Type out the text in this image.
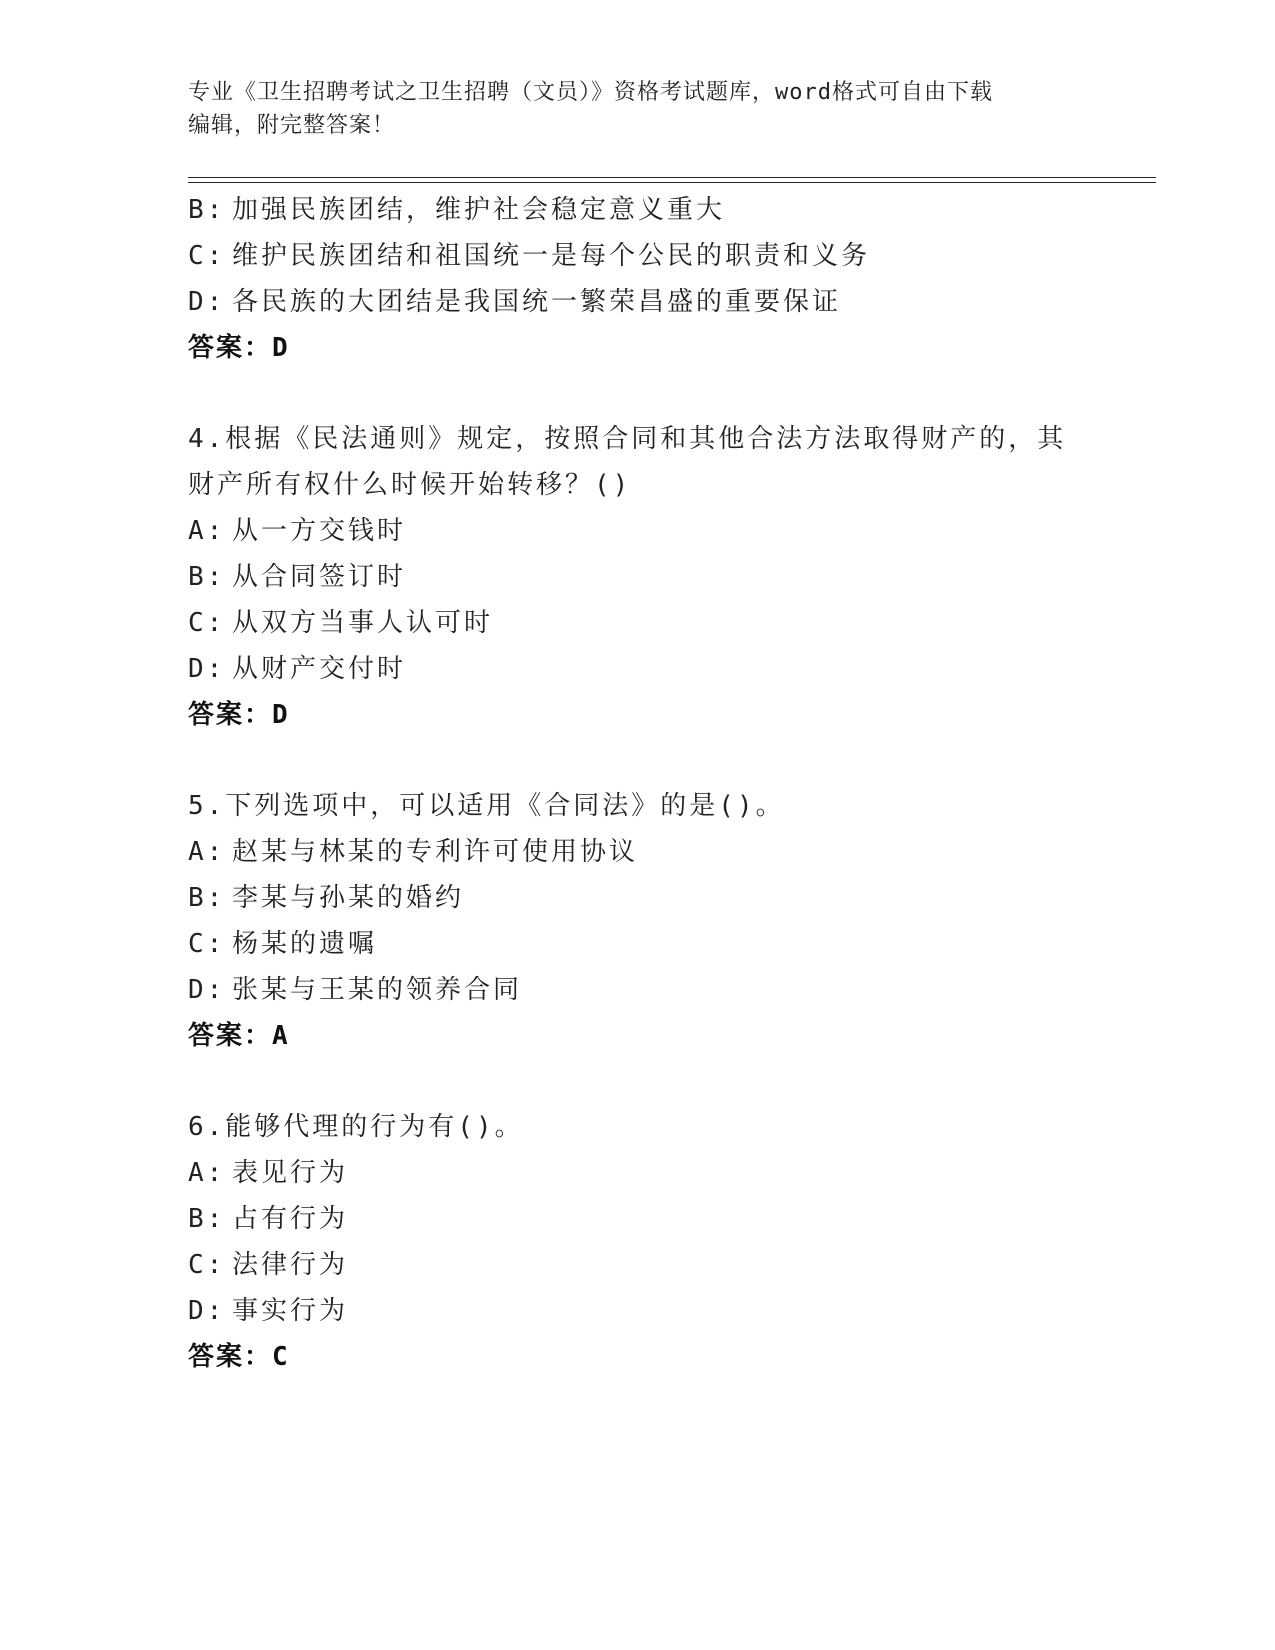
专业《卫生招聘考试之卫生招聘（文员）》资格考试题库，word格式可自由下载
编辑，附完整答案！
B: 加强民族团结，维护社会稳定意义重大
C: 维护民族团结和祖国统一是每个公民的职责和义务
D: 各民族的大团结是我国统一繁荣昌盛的重要保证
答案：D
4.根据《民法通则》规定，按照合同和其他合法方法取得财产的，其
财产所有权什么时候开始转移？()
A: 从一方交钱时
B: 从合同签订时
C: 从双方当事人认可时
D: 从财产交付时
答案：D
5.下列选项中，可以适用《合同法》的是()。
A: 赵某与林某的专利许可使用协议
B: 李某与孙某的婚约
C: 杨某的遗嘱
D: 张某与王某的领养合同
答案：A
6.能够代理的行为有()。
A: 表见行为
B: 占有行为
C: 法律行为
D: 事实行为
答案：C
